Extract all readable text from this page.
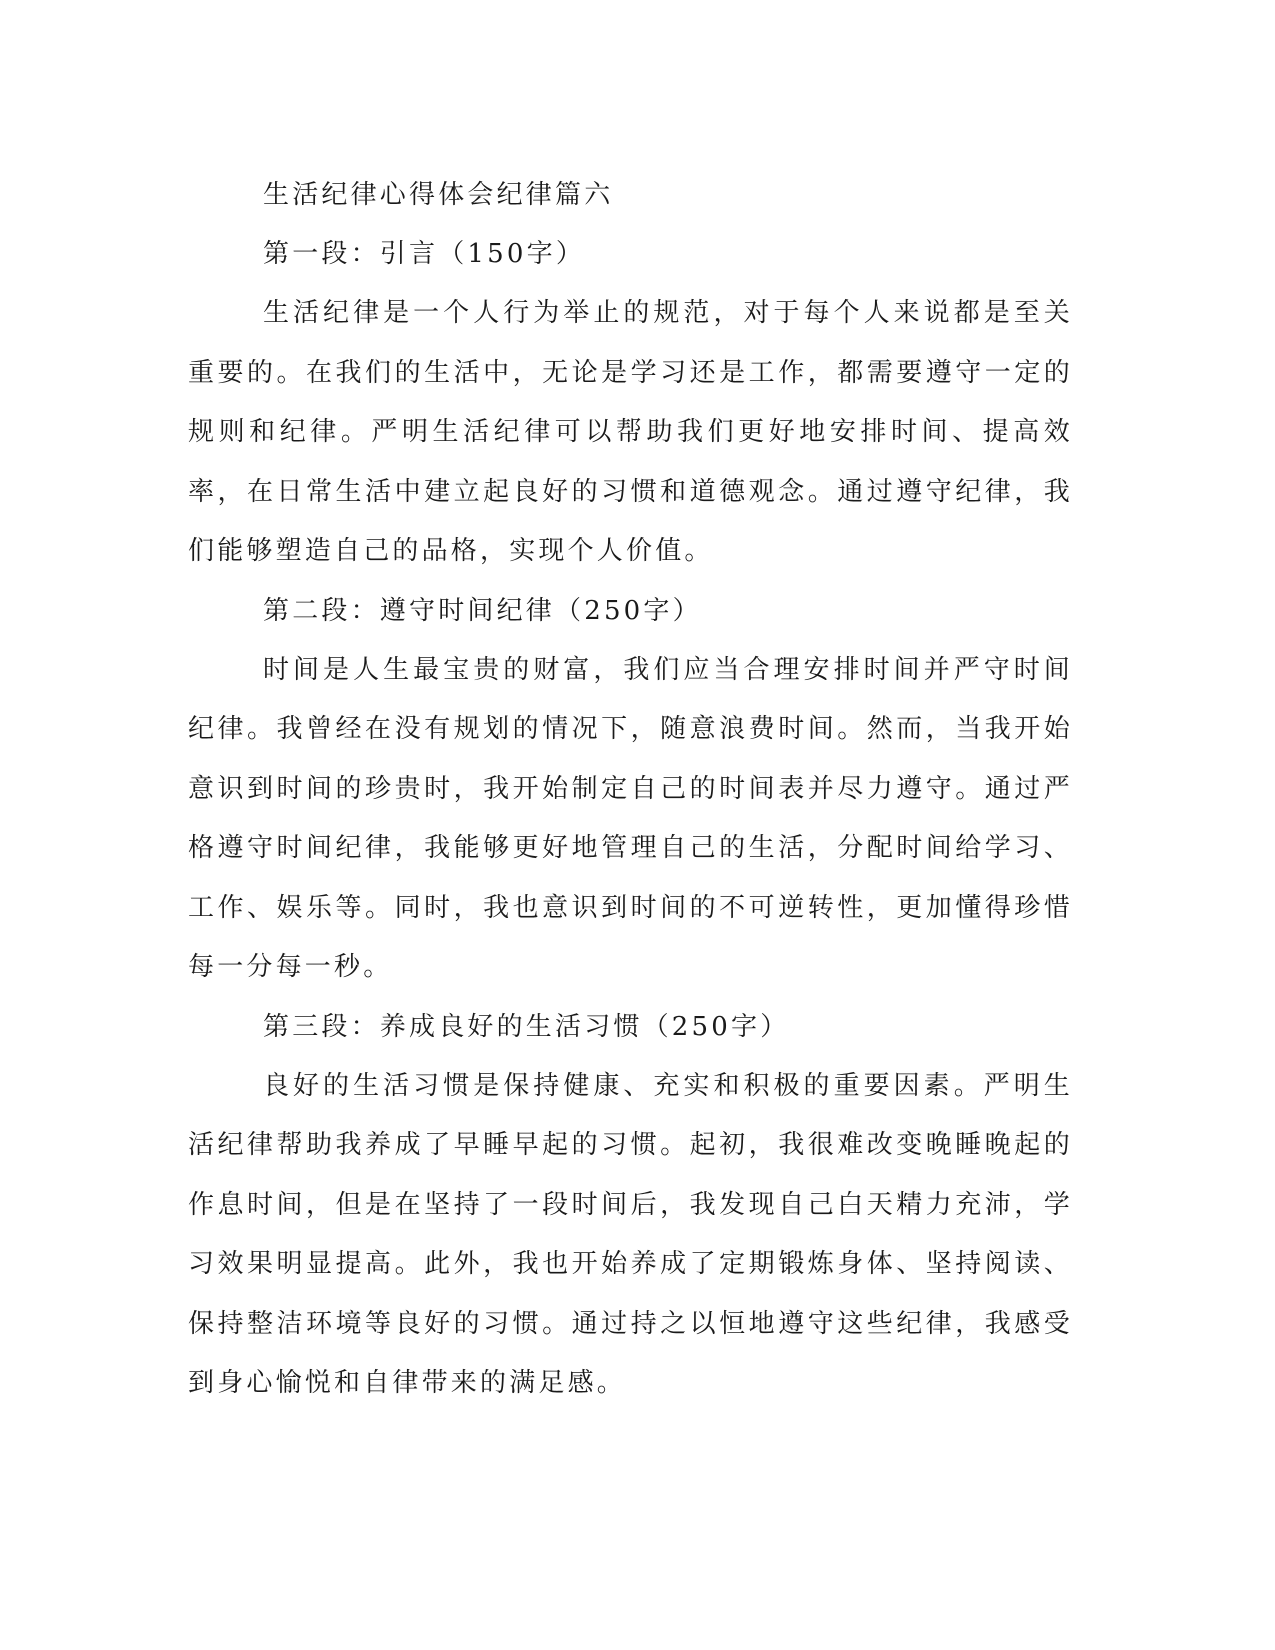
生活纪律心得体会纪律篇六

第一段：引言（150字）

生活纪律是一个人行为举止的规范，对于每个人来说都是至关重要的。在我们的生活中，无论是学习还是工作，都需要遵守一定的规则和纪律。严明生活纪律可以帮助我们更好地安排时间、提高效率，在日常生活中建立起良好的习惯和道德观念。通过遵守纪律，我们能够塑造自己的品格，实现个人价值。

第二段：遵守时间纪律（250字）

时间是人生最宝贵的财富，我们应当合理安排时间并严守时间纪律。我曾经在没有规划的情况下，随意浪费时间。然而，当我开始意识到时间的珍贵时，我开始制定自己的时间表并尽力遵守。通过严格遵守时间纪律，我能够更好地管理自己的生活，分配时间给学习、工作、娱乐等。同时，我也意识到时间的不可逆转性，更加懂得珍惜每一分每一秒。

第三段：养成良好的生活习惯（250字）

良好的生活习惯是保持健康、充实和积极的重要因素。严明生活纪律帮助我养成了早睡早起的习惯。起初，我很难改变晚睡晚起的作息时间，但是在坚持了一段时间后，我发现自己白天精力充沛，学习效果明显提高。此外，我也开始养成了定期锻炼身体、坚持阅读、保持整洁环境等良好的习惯。通过持之以恒地遵守这些纪律，我感受到身心愉悦和自律带来的满足感。
